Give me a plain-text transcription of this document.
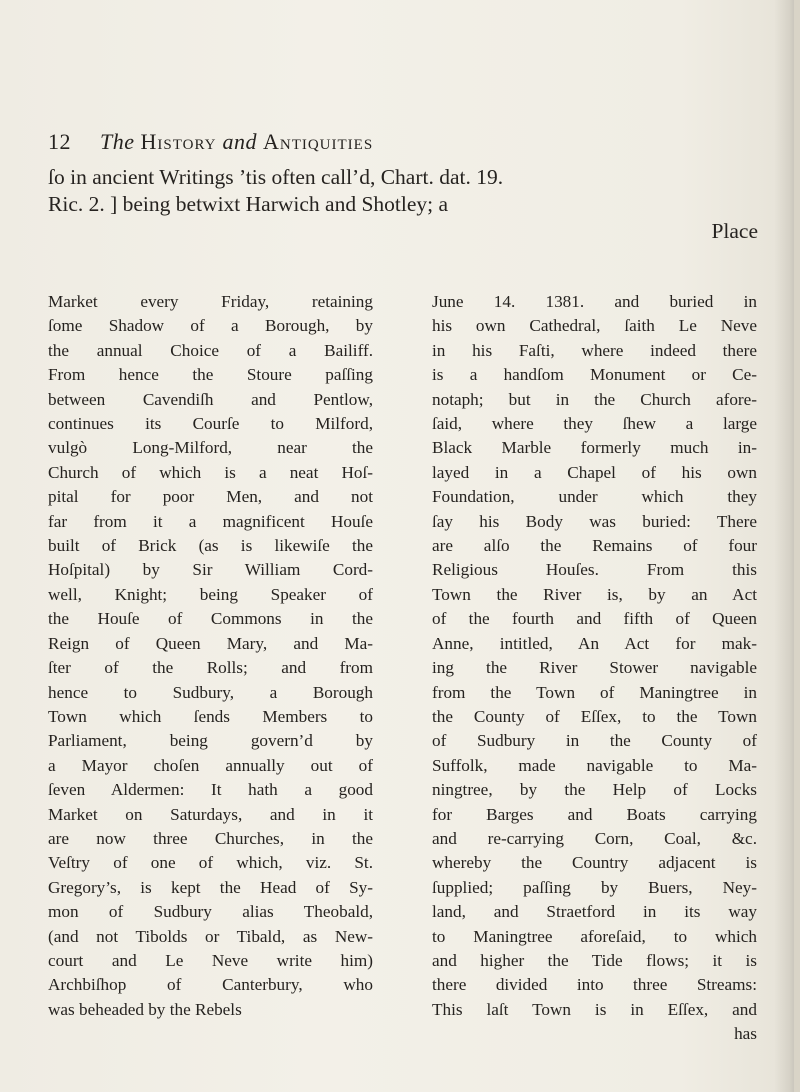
12 The History and Antiquities
ſo in ancient Writings ’tis often call’d, Chart. dat. 19.
Ric. 2. ] being betwixt Harwich and Shotley; a
Place
Market every Friday, retaining
ſome Shadow of a Borough, by
the annual Choice of a Bailiff.
From hence the Stoure paſſing
between Cavendiſh and Pentlow,
continues its Courſe to Milford,
vulgò Long-Milford, near the
Church of which is a neat Hoſ-
pital for poor Men, and not
far from it a magnificent Houſe
built of Brick (as is likewiſe the
Hoſpital) by Sir William Cord-
well, Knight; being Speaker of
the Houſe of Commons in the
Reign of Queen Mary, and Ma-
ſter of the Rolls; and from
hence to Sudbury, a Borough
Town which ſends Members to
Parliament, being govern’d by
a Mayor choſen annually out of
ſeven Aldermen: It hath a good
Market on Saturdays, and in it
are now three Churches, in the
Veſtry of one of which, viz. St.
Gregory’s, is kept the Head of Sy-
mon of Sudbury alias Theobald,
(and not Tibolds or Tibald, as New-
court and Le Neve write him)
Archbiſhop of Canterbury, who
was beheaded by the Rebels
June 14. 1381. and buried in
his own Cathedral, ſaith Le Neve
in his Faſti, where indeed there
is a handſom Monument or Ce-
notaph; but in the Church afore-
ſaid, where they ſhew a large
Black Marble formerly much in-
layed in a Chapel of his own
Foundation, under which they
ſay his Body was buried: There
are alſo the Remains of four
Religious Houſes. From this
Town the River is, by an Act
of the fourth and fifth of Queen
Anne, intitled, An Act for mak-
ing the River Stower navigable
from the Town of Maningtree in
the County of Eſſex, to the Town
of Sudbury in the County of
Suffolk, made navigable to Ma-
ningtree, by the Help of Locks
for Barges and Boats carrying
and re-carrying Corn, Coal, &c.
whereby the Country adjacent is
ſupplied; paſſing by Buers, Ney-
land, and Straetford in its way
to Maningtree aforeſaid, to which
and higher the Tide flows; it is
there divided into three Streams:
This laſt Town is in Eſſex, and
has
